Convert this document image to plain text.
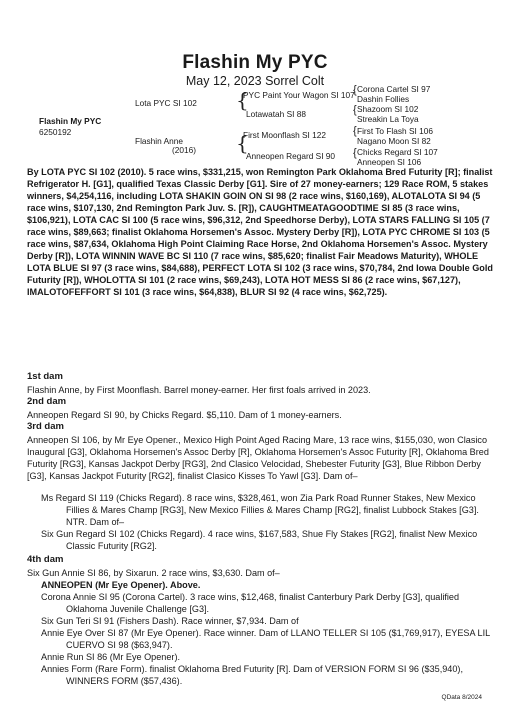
Flashin My PYC
May 12, 2023 Sorrel Colt
Flashin My PYC
6250192
Lota PYC SI 102
Flashin Anne
(2016)
{
{
PYC Paint Your Wagon SI 107
Lotawatah SI 88
First Moonflash SI 122
Anneopen Regard SI 90
{
{
{
{
Corona Cartel SI 97
Dashin Follies
Shazoom SI 102
Streakin La Toya
First To Flash SI 106
Nagano Moon SI 82
Chicks Regard SI 107
Anneopen SI 106
By LOTA PYC SI 102 (2010). 5 race wins, $331,215, won Remington Park Oklahoma Bred Futurity [R]; finalist Refrigerator H. [G1], qualified Texas Classic Derby [G1]. Sire of 27 money-earners; 129 Race ROM, 5 stakes winners, $4,254,116, including LOTA SHAKIN GOIN ON SI 98 (2 race wins, $160,169), ALOTALOTA SI 94 (5 race wins, $107,130, 2nd Remington Park Juv. S. [R]), CAUGHTMEATAGOODTIME SI 85 (3 race wins, $106,921), LOTA CAC SI 100 (5 race wins, $96,312, 2nd Speedhorse Derby), LOTA STARS FALLING SI 105 (7 race wins, $89,663; finalist Oklahoma Horsemen's Assoc. Mystery Derby [R]), LOTA PYC CHROME SI 103 (5 race wins, $87,634, Oklahoma High Point Claiming Race Horse, 2nd Oklahoma Horsemen's Assoc. Mystery Derby [R]), LOTA WINNIN WAVE BC SI 110 (7 race wins, $85,620; finalist Fair Meadows Maturity), WHOLE LOTA BLUE SI 97 (3 race wins, $84,688), PERFECT LOTA SI 102 (3 race wins, $70,784, 2nd Iowa Double Gold Futurity [R]), WHOLOTTA SI 101 (2 race wins, $69,243), LOTA HOT MESS SI 86 (2 race wins, $67,127), IMALOTOFEFFORT SI 101 (3 race wins, $64,838), BLUR SI 92 (4 race wins, $62,725).
1st dam
Flashin Anne, by First Moonflash. Barrel money-earner. Her first foals arrived in 2023.
2nd dam
Anneopen Regard SI 90, by Chicks Regard. $5,110. Dam of 1 money-earners.
3rd dam
Anneopen SI 106, by Mr Eye Opener., Mexico High Point Aged Racing Mare, 13 race wins, $155,030, won Clasico Inaugural [G3], Oklahoma Horsemen's Assoc Derby [R], Oklahoma Horsemen's Assoc Futurity [R], Oklahoma Bred Futurity [RG3], Kansas Jackpot Derby [RG3], 2nd Clasico Velocidad, Shebester Futurity [G3], Blue Ribbon Derby [G3], Kansas Jackpot Futurity [RG2], finalist Clasico Kisses To Yawl [G3]. Dam of–
Ms Regard SI 119 (Chicks Regard). 8 race wins, $328,461, won Zia Park Road Runner Stakes, New Mexico Fillies & Mares Champ [RG3], New Mexico Fillies & Mares Champ [RG2], finalist Lubbock Stakes [G3]. NTR. Dam of–
Six Gun Regard SI 102 (Chicks Regard). 4 race wins, $167,583, Shue Fly Stakes [RG2], finalist New Mexico Classic Futurity [RG2].
4th dam
Six Gun Annie SI 86, by Sixarun. 2 race wins, $3,630. Dam of–
ANNEOPEN (Mr Eye Opener). Above.
Corona Annie SI 95 (Corona Cartel). 3 race wins, $12,468, finalist Canterbury Park Derby [G3], qualified Oklahoma Juvenile Challenge [G3].
Six Gun Teri SI 91 (Fishers Dash). Race winner, $7,934. Dam of
Annie Eye Over SI 87 (Mr Eye Opener). Race winner. Dam of LLANO TELLER SI 105 ($1,769,917), EYESA LIL CUERVO SI 98 ($63,947).
Annie Run SI 86 (Mr Eye Opener).
Annies Form (Rare Form). finalist Oklahoma Bred Futurity [R]. Dam of VERSION FORM SI 96 ($35,940), WINNERS FORM ($57,436).
QData 8/2024
